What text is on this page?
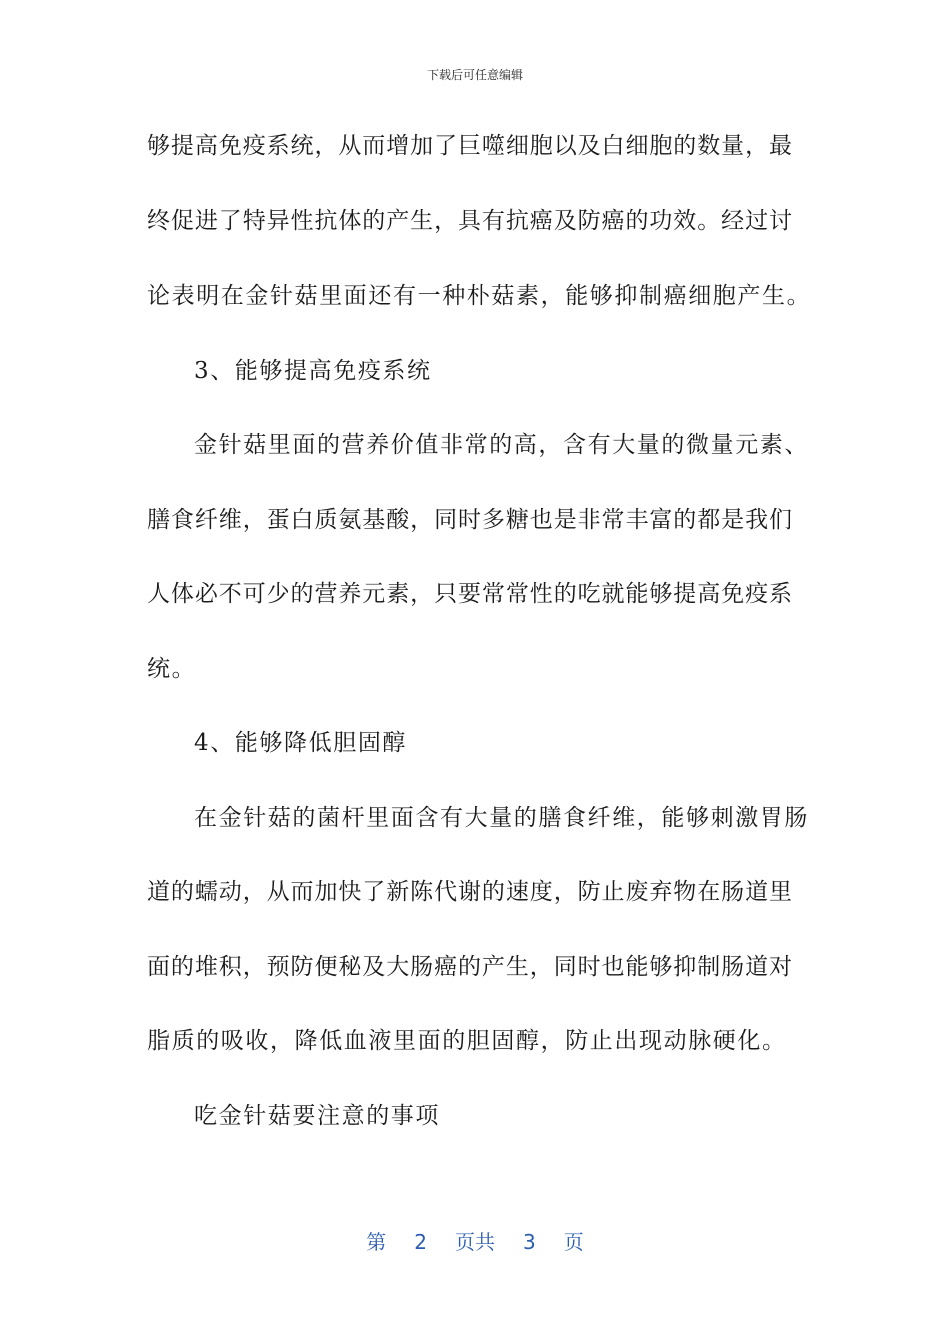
下载后可任意编辑
够提高免疫系统，从而增加了巨噬细胞以及白细胞的数量，最
终促进了特异性抗体的产生，具有抗癌及防癌的功效。经过讨
论表明在金针菇里面还有一种朴菇素，能够抑制癌细胞产生。
3、能够提高免疫系统
金针菇里面的营养价值非常的高，含有大量的微量元素、
膳食纤维，蛋白质氨基酸，同时多糖也是非常丰富的都是我们
人体必不可少的营养元素，只要常常性的吃就能够提高免疫系
统。
4、能够降低胆固醇
在金针菇的菌杆里面含有大量的膳食纤维，能够刺激胃肠
道的蠕动，从而加快了新陈代谢的速度，防止废弃物在肠道里
面的堆积，预防便秘及大肠癌的产生，同时也能够抑制肠道对
脂质的吸收，降低血液里面的胆固醇，防止出现动脉硬化。
吃金针菇要注意的事项
第 2 页共 3 页
